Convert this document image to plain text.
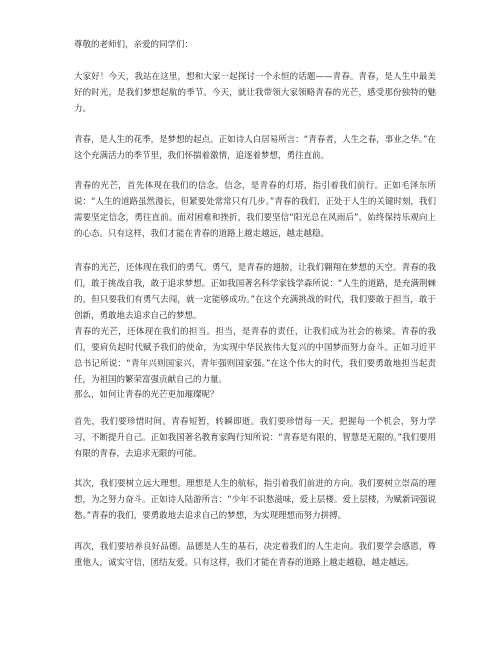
尊敬的老师们，亲爱的同学们：
大家好！今天，我站在这里，想和大家一起探讨一个永恒的话题——青春。青春，是人生中最美好的时光，是我们梦想起航的季节。今天，就让我带领大家领略青春的光芒，感受那份独特的魅力。
青春，是人生的花季，是梦想的起点。正如诗人白居易所言：“青春者，人生之春，事业之华。”在这个充满活力的季节里，我们怀揣着激情，追逐着梦想，勇往直前。
青春的光芒，首先体现在我们的信念。信念，是青春的灯塔，指引着我们前行。正如毛泽东所说：“人生的道路虽然漫长，但紧要处常常只有几步。”青春的我们，正处于人生的关键时刻，我们需要坚定信念，勇往直前。面对困难和挫折，我们要坚信“阳光总在风雨后”，始终保持乐观向上的心态。只有这样，我们才能在青春的道路上越走越远，越走越稳。
青春的光芒，还体现在我们的勇气。勇气，是青春的翅膀，让我们翱翔在梦想的天空。青春的我们，敢于挑战自我，敢于追求梦想。正如我国著名科学家钱学森所说：“人生的道路，是充满荆棘的，但只要我们有勇气去闯，就一定能够成功。”在这个充满挑战的时代，我们要敢于担当，敢于创新，勇敢地去追求自己的梦想。
青春的光芒，还体现在我们的担当。担当，是青春的责任，让我们成为社会的栋梁。青春的我们，要肩负起时代赋予我们的使命，为实现中华民族伟大复兴的中国梦而努力奋斗。正如习近平总书记所说：“青年兴则国家兴，青年强则国家强。”在这个伟大的时代，我们要勇敢地担当起责任，为祖国的繁荣富强贡献自己的力量。
那么，如何让青春的光芒更加璀璨呢？
首先，我们要珍惜时间。青春短暂，转瞬即逝。我们要珍惜每一天，把握每一个机会，努力学习，不断提升自己。正如我国著名教育家陶行知所说：“青春是有限的，智慧是无限的。”我们要用有限的青春，去追求无限的可能。
其次，我们要树立远大理想。理想是人生的航标，指引着我们前进的方向。我们要树立崇高的理想，为之努力奋斗。正如诗人陆游所言：“少年不识愁滋味，爱上层楼。爱上层楼，为赋新词强说愁。”青春的我们，要勇敢地去追求自己的梦想，为实现理想而努力拼搏。
再次，我们要培养良好品德。品德是人生的基石，决定着我们的人生走向。我们要学会感恩，尊重他人，诚实守信，团结友爱。只有这样，我们才能在青春的道路上越走越稳，越走越远。
